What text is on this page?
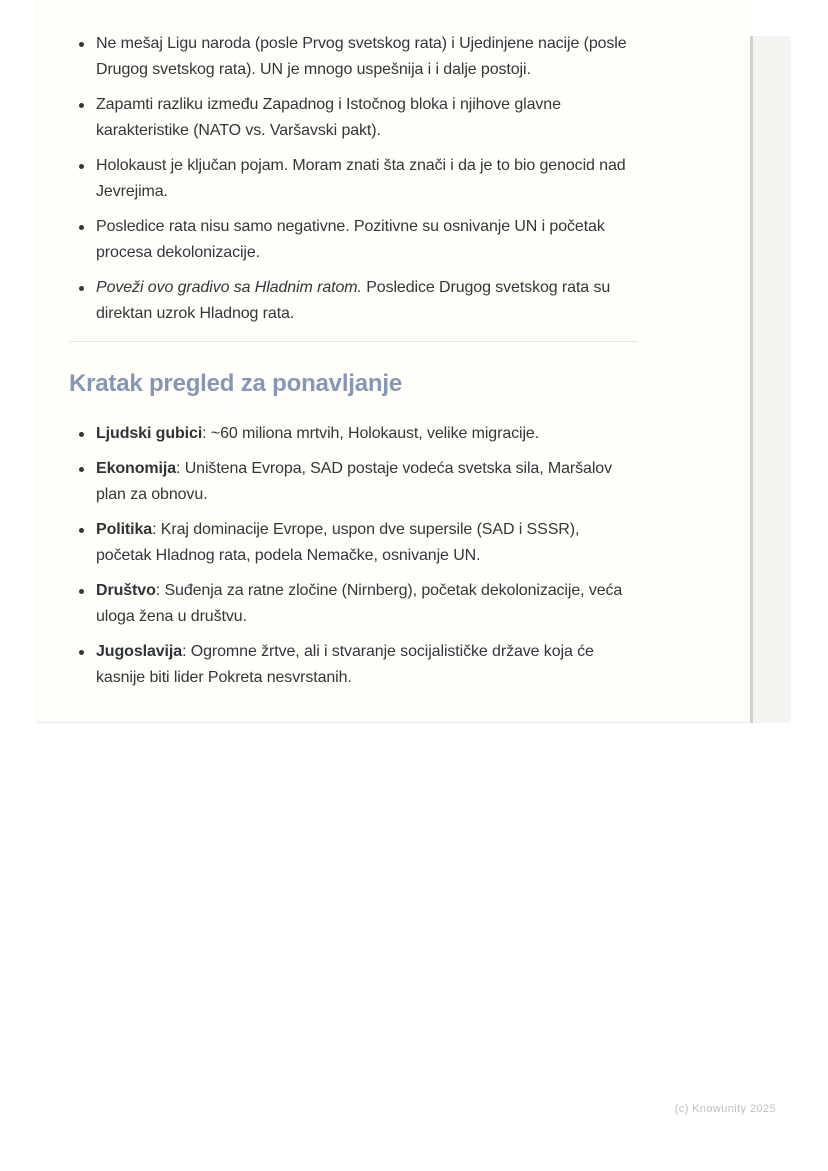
Ne mešaj Ligu naroda (posle Prvog svetskog rata) i Ujedinjene nacije (posle Drugog svetskog rata). UN je mnogo uspešnija i i dalje postoji.
Zapamti razliku između Zapadnog i Istočnog bloka i njihove glavne karakteristike (NATO vs. Varšavski pakt).
Holokaust je ključan pojam. Moram znati šta znači i da je to bio genocid nad Jevrejima.
Posledice rata nisu samo negativne. Pozitivne su osnivanje UN i početak procesa dekolonizacije.
Poveži ovo gradivo sa Hladnim ratom. Posledice Drugog svetskog rata su direktan uzrok Hladnog rata.
Kratak pregled za ponavljanje
Ljudski gubici: ~60 miliona mrtvih, Holokaust, velike migracije.
Ekonomija: Uništena Evropa, SAD postaje vodeća svetska sila, Maršalov plan za obnovu.
Politika: Kraj dominacije Evrope, uspon dve supersile (SAD i SSSR), početak Hladnog rata, podela Nemačke, osnivanje UN.
Društvo: Suđenja za ratne zločine (Nirnberg), početak dekolonizacije, veća uloga žena u društvu.
Jugoslavija: Ogromne žrtve, ali i stvaranje socijalističke države koja će kasnije biti lider Pokreta nesvrstanih.
(c) Knowunity 2025
